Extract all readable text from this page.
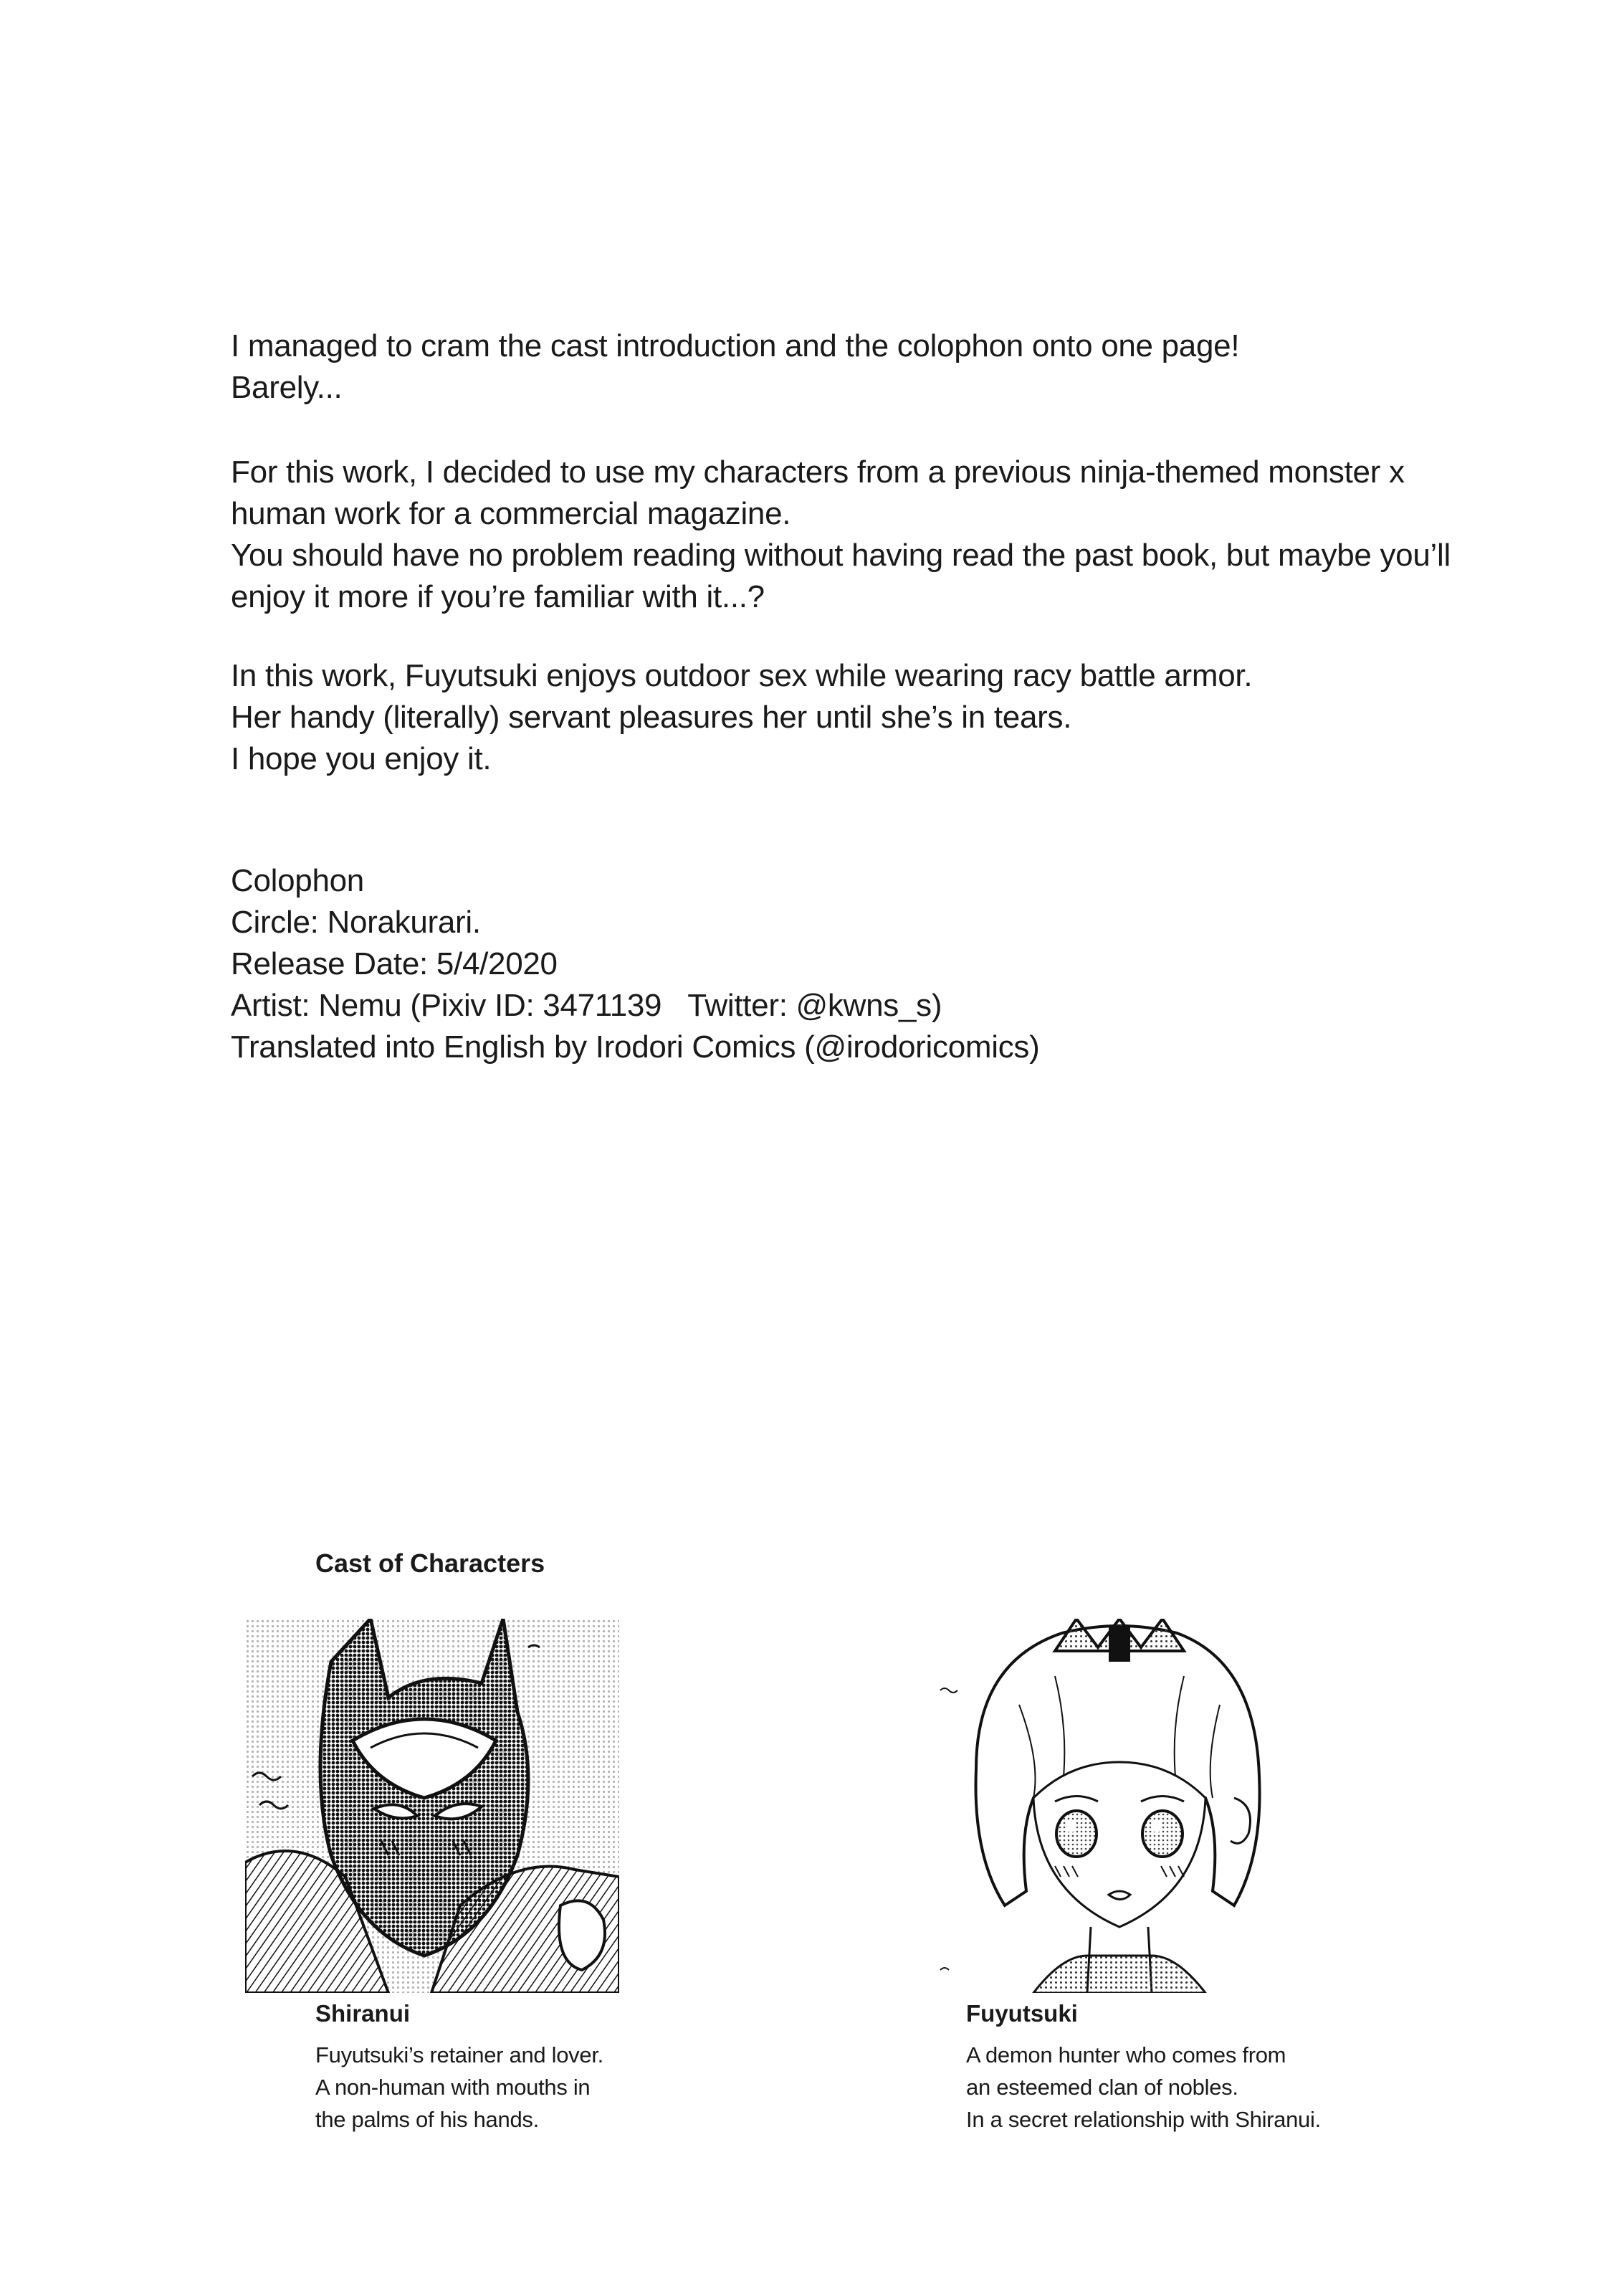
I managed to cram the cast introduction and the colophon onto one page!

Barely...

For this work, I decided to use my characters from a previous ninja-themed monster x

human work for a commercial magazine.

You should have no problem reading without having read the past book, but maybe you’ll

enjoy it more if you’re familiar with it...?

In this work, Fuyutsuki enjoys outdoor sex while wearing racy battle armor.

Her handy (literally) servant pleasures her until she’s in tears.

I hope you enjoy it.

Colophon

Circle: Norakurari.

Release Date: 5/4/2020

Artist: Nemu (Pixiv ID: 3471139 Twitter: @kwns_s)

Translated into English by Irodori Comics (@irodoricomics)

Cast of Characters
Shiranui

Fuyutsuki’s retainer and lover.

A non-human with mouths in

the palms of his hands.

Fuyutsuki

A demon hunter who comes from

an esteemed clan of nobles.

In a secret relationship with Shiranui.
